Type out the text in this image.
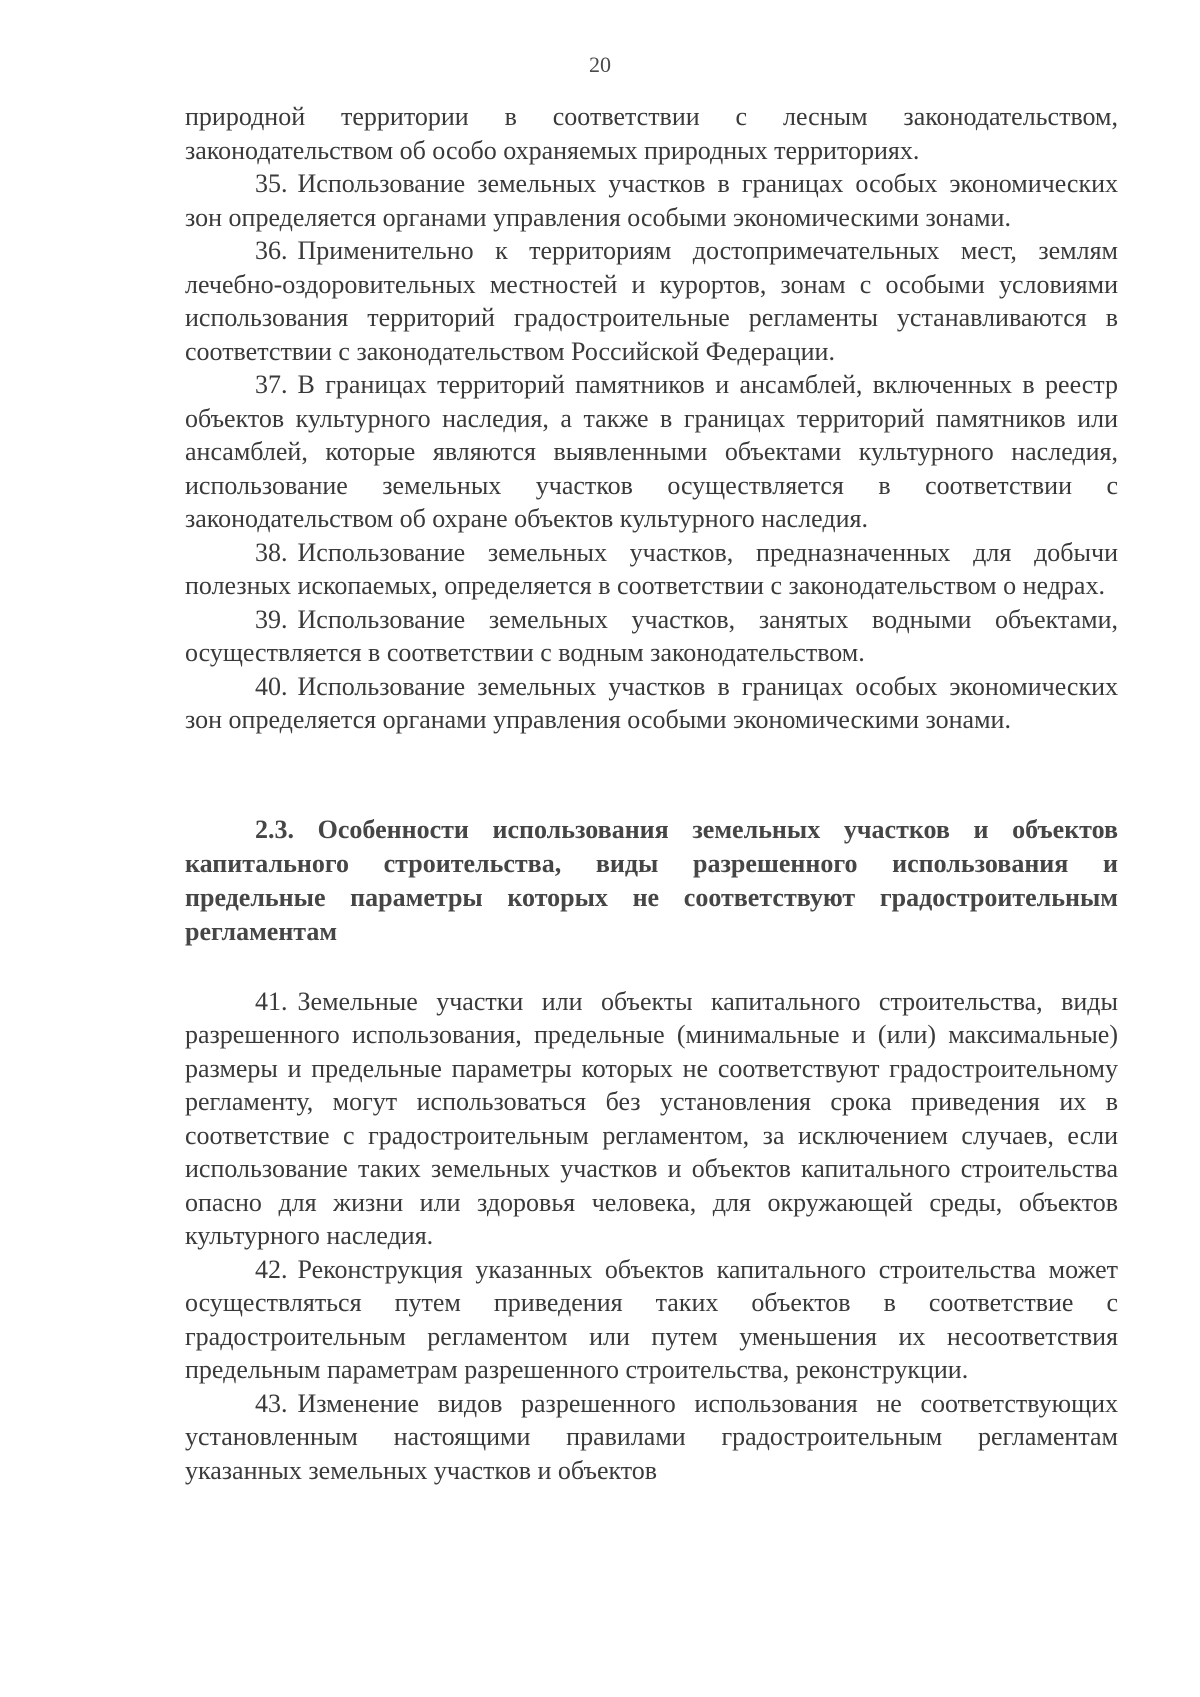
20

природной территории в соответствии с лесным законодательством, законодательством об особо охраняемых природных территориях.

35. Использование земельных участков в границах особых экономических зон определяется органами управления особыми экономическими зонами.

36. Применительно к территориям достопримечательных мест, землям лечебно-оздоровительных местностей и курортов, зонам с особыми условиями использования территорий градостроительные регламенты устанавливаются в соответствии с законодательством Российской Федерации.

37. В границах территорий памятников и ансамблей, включенных в реестр объектов культурного наследия, а также в границах территорий памятников или ансамблей, которые являются выявленными объектами культурного наследия, использование земельных участков осуществляется в соответствии с законодательством об охране объектов культурного наследия.

38. Использование земельных участков, предназначенных для добычи полезных ископаемых, определяется в соответствии с законодательством о недрах.

39. Использование земельных участков, занятых водными объектами, осуществляется в соответствии с водным законодательством.

40. Использование земельных участков в границах особых экономических зон определяется органами управления особыми экономическими зонами.

2.3. Особенности использования земельных участков и объектов капитального строительства, виды разрешенного использования и предельные параметры которых не соответствуют градостроительным регламентам

41. Земельные участки или объекты капитального строительства, виды разрешенного использования, предельные (минимальные и (или) максимальные) размеры и предельные параметры которых не соответствуют градостроительному регламенту, могут использоваться без установления срока приведения их в соответствие с градостроительным регламентом, за исключением случаев, если использование таких земельных участков и объектов капитального строительства опасно для жизни или здоровья человека, для окружающей среды, объектов культурного наследия.

42. Реконструкция указанных объектов капитального строительства может осуществляться путем приведения таких объектов в соответствие с градостроительным регламентом или путем уменьшения их несоответствия предельным параметрам разрешенного строительства, реконструкции.

43. Изменение видов разрешенного использования не соответствующих установленным настоящими правилами градостроительным регламентам указанных земельных участков и объектов
